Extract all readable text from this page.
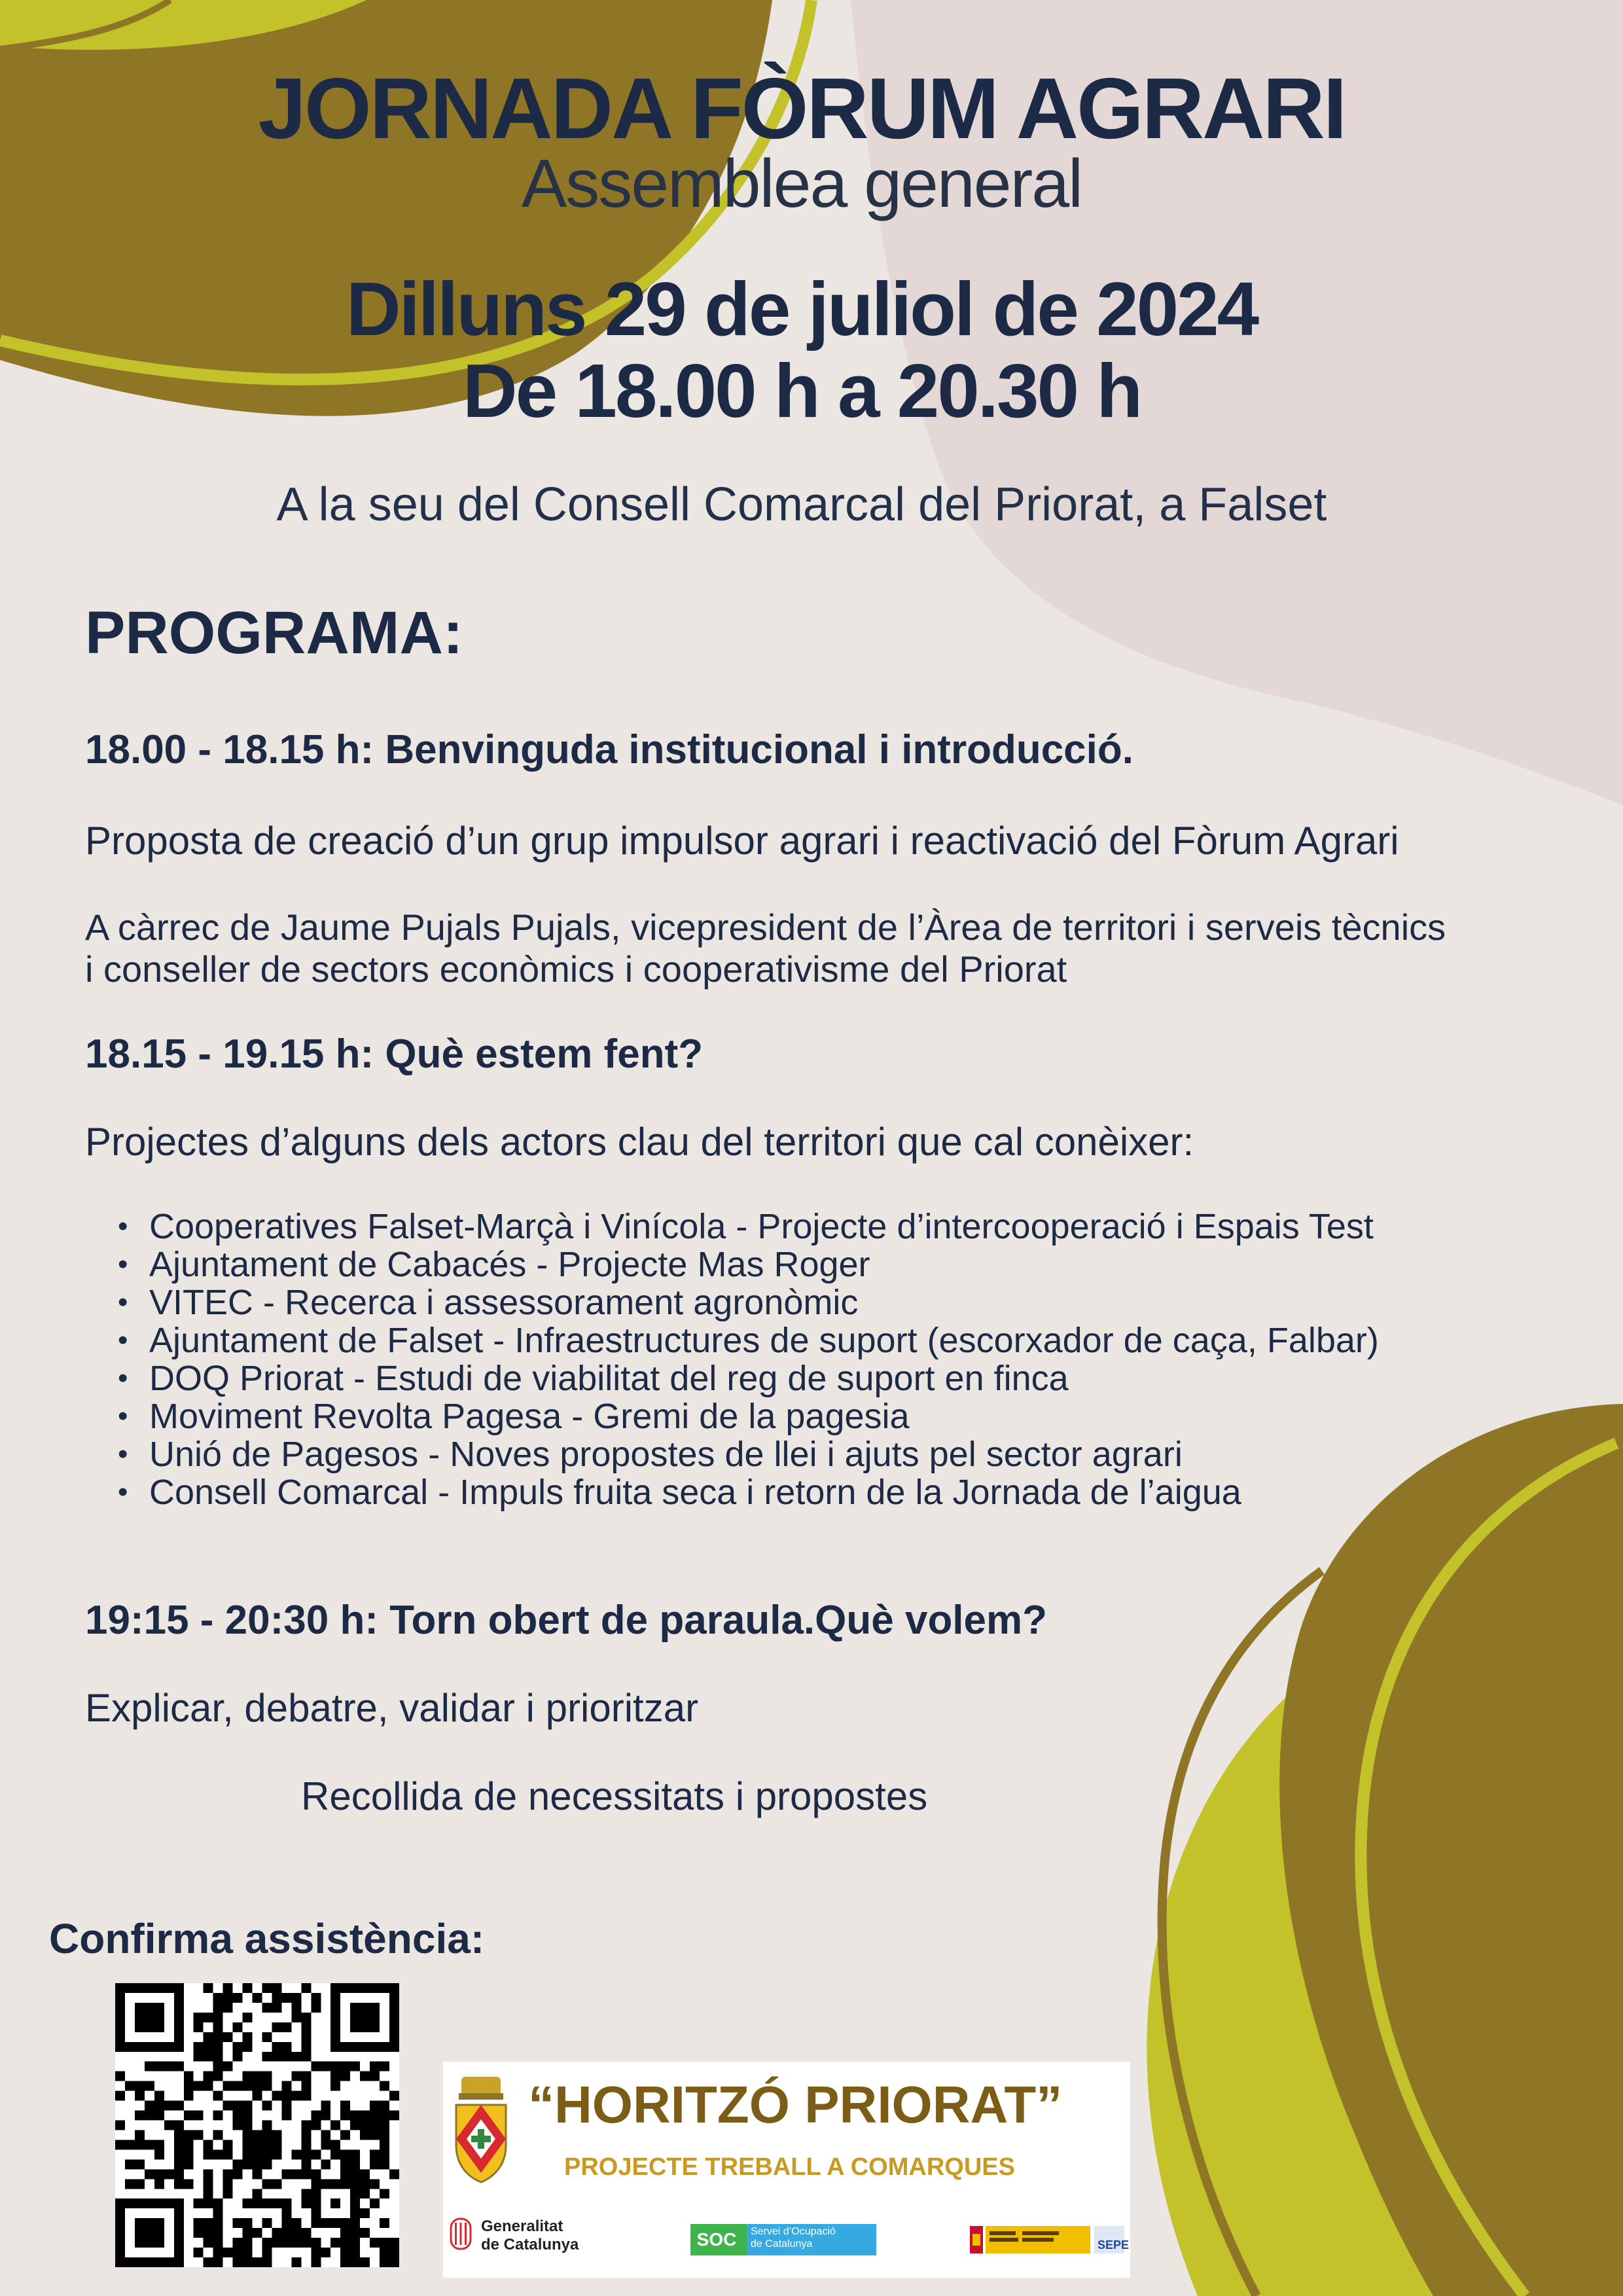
JORNADA FÒRUM AGRARI
Assemblea general
Dilluns 29 de juliol de 2024
De 18.00 h a 20.30 h
A la seu del Consell Comarcal del Priorat, a Falset
PROGRAMA:
18.00 - 18.15 h: Benvinguda institucional i introducció.
Proposta de creació d’un grup impulsor agrari i reactivació del Fòrum Agrari
A càrrec de Jaume Pujals Pujals, vicepresident de l’Àrea de territori i serveis tècnics
i conseller de sectors econòmics i cooperativisme del Priorat
18.15 - 19.15 h: Què estem fent?
Projectes d’alguns dels actors clau del territori que cal conèixer:
• Cooperatives Falset-Marçà i Vinícola - Projecte d’intercooperació i Espais Test
• Ajuntament de Cabacés - Projecte Mas Roger
• VITEC - Recerca i assessorament agronòmic
• Ajuntament de Falset - Infraestructures de suport (escorxador de caça, Falbar)
• DOQ Priorat - Estudi de viabilitat del reg de suport en finca
• Moviment Revolta Pagesa - Gremi de la pagesia
• Unió de Pagesos - Noves propostes de llei i ajuts pel sector agrari
• Consell Comarcal - Impuls fruita seca i retorn de la Jornada de l’aigua
19:15 - 20:30 h: Torn obert de paraula.Què volem?
Explicar, debatre, validar i prioritzar
Recollida de necessitats i propostes
Confirma assistència:
“HORITZÓ PRIORAT”
PROJECTE TREBALL A COMARQUES
Generalitat
de Catalunya	SOC	Servei d’Ocupació
de Catalunya	SEPE
